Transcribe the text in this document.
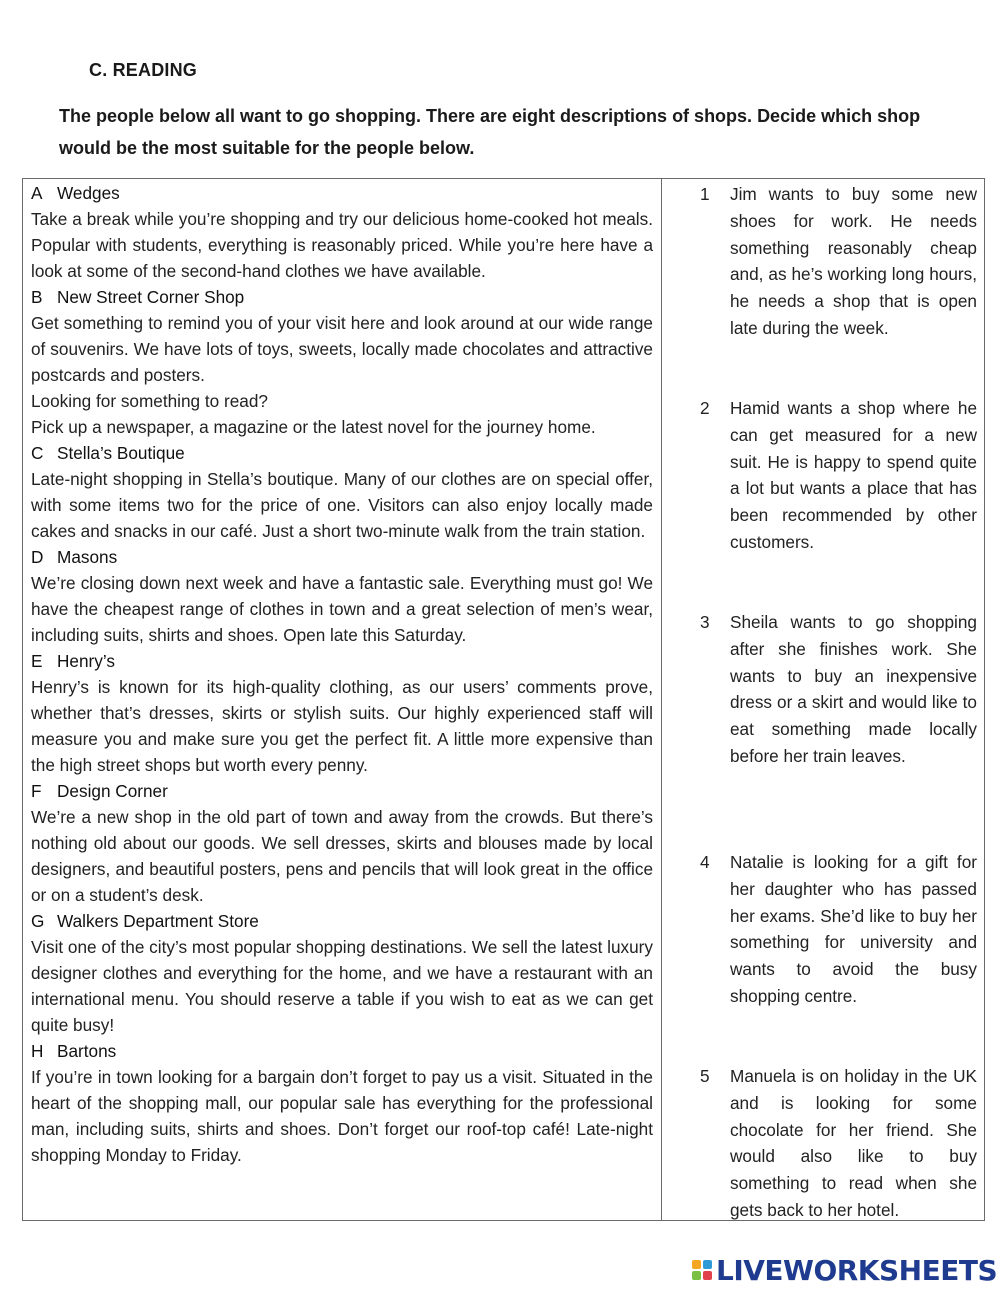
C. READING
The people below all want to go shopping. There are eight descriptions of shops. Decide which shop would be the most suitable for the people below.
A Wedges

Take a break while you’re shopping and try our delicious home-cooked hot meals. Popular with students, everything is reasonably priced. While you’re here have a look at some of the second-hand clothes we have available.

B New Street Corner Shop

Get something to remind you of your visit here and look around at our wide range of souvenirs. We have lots of toys, sweets, locally made chocolates and attractive postcards and posters.

Looking for something to read?

Pick up a newspaper, a magazine or the latest novel for the journey home.

C Stella’s Boutique

Late-night shopping in Stella’s boutique. Many of our clothes are on special offer, with some items two for the price of one. Visitors can also enjoy locally made cakes and snacks in our café. Just a short two-minute walk from the train station.

D Masons

We’re closing down next week and have a fantastic sale. Everything must go! We have the cheapest range of clothes in town and a great selection of men’s wear, including suits, shirts and shoes. Open late this Saturday.

E Henry’s

Henry’s is known for its high-quality clothing, as our users’ comments prove, whether that’s dresses, skirts or stylish suits. Our highly experienced staff will measure you and make sure you get the perfect fit. A little more expensive than the high street shops but worth every penny.

F Design Corner

We’re a new shop in the old part of town and away from the crowds. But there’s nothing old about our goods. We sell dresses, skirts and blouses made by local designers, and beautiful posters, pens and pencils that will look great in the office or on a student’s desk.

G Walkers Department Store

Visit one of the city’s most popular shopping destinations. We sell the latest luxury designer clothes and everything for the home, and we have a restaurant with an international menu. You should reserve a table if you wish to eat as we can get quite busy!

H Bartons

If you’re in town looking for a bargain don’t forget to pay us a visit. Situated in the heart of the shopping mall, our popular sale has everything for the professional man, including suits, shirts and shoes. Don’t forget our roof-top café! Late-night shopping Monday to Friday.

1 Jim wants to buy some new shoes for work. He needs something reasonably cheap and, as he’s working long hours, he needs a shop that is open late during the week.
2 Hamid wants a shop where he can get measured for a new suit. He is happy to spend quite a lot but wants a place that has been recommended by other customers.
3 Sheila wants to go shopping after she finishes work. She wants to buy an inexpensive dress or a skirt and would like to eat something made locally before her train leaves.
4 Natalie is looking for a gift for her daughter who has passed her exams. She’d like to buy her something for university and wants to avoid the busy shopping centre.
5 Manuela is on holiday in the UK and is looking for some chocolate for her friend. She would also like to buy something to read when she gets back to her hotel.
LIVEWORKSHEETS
